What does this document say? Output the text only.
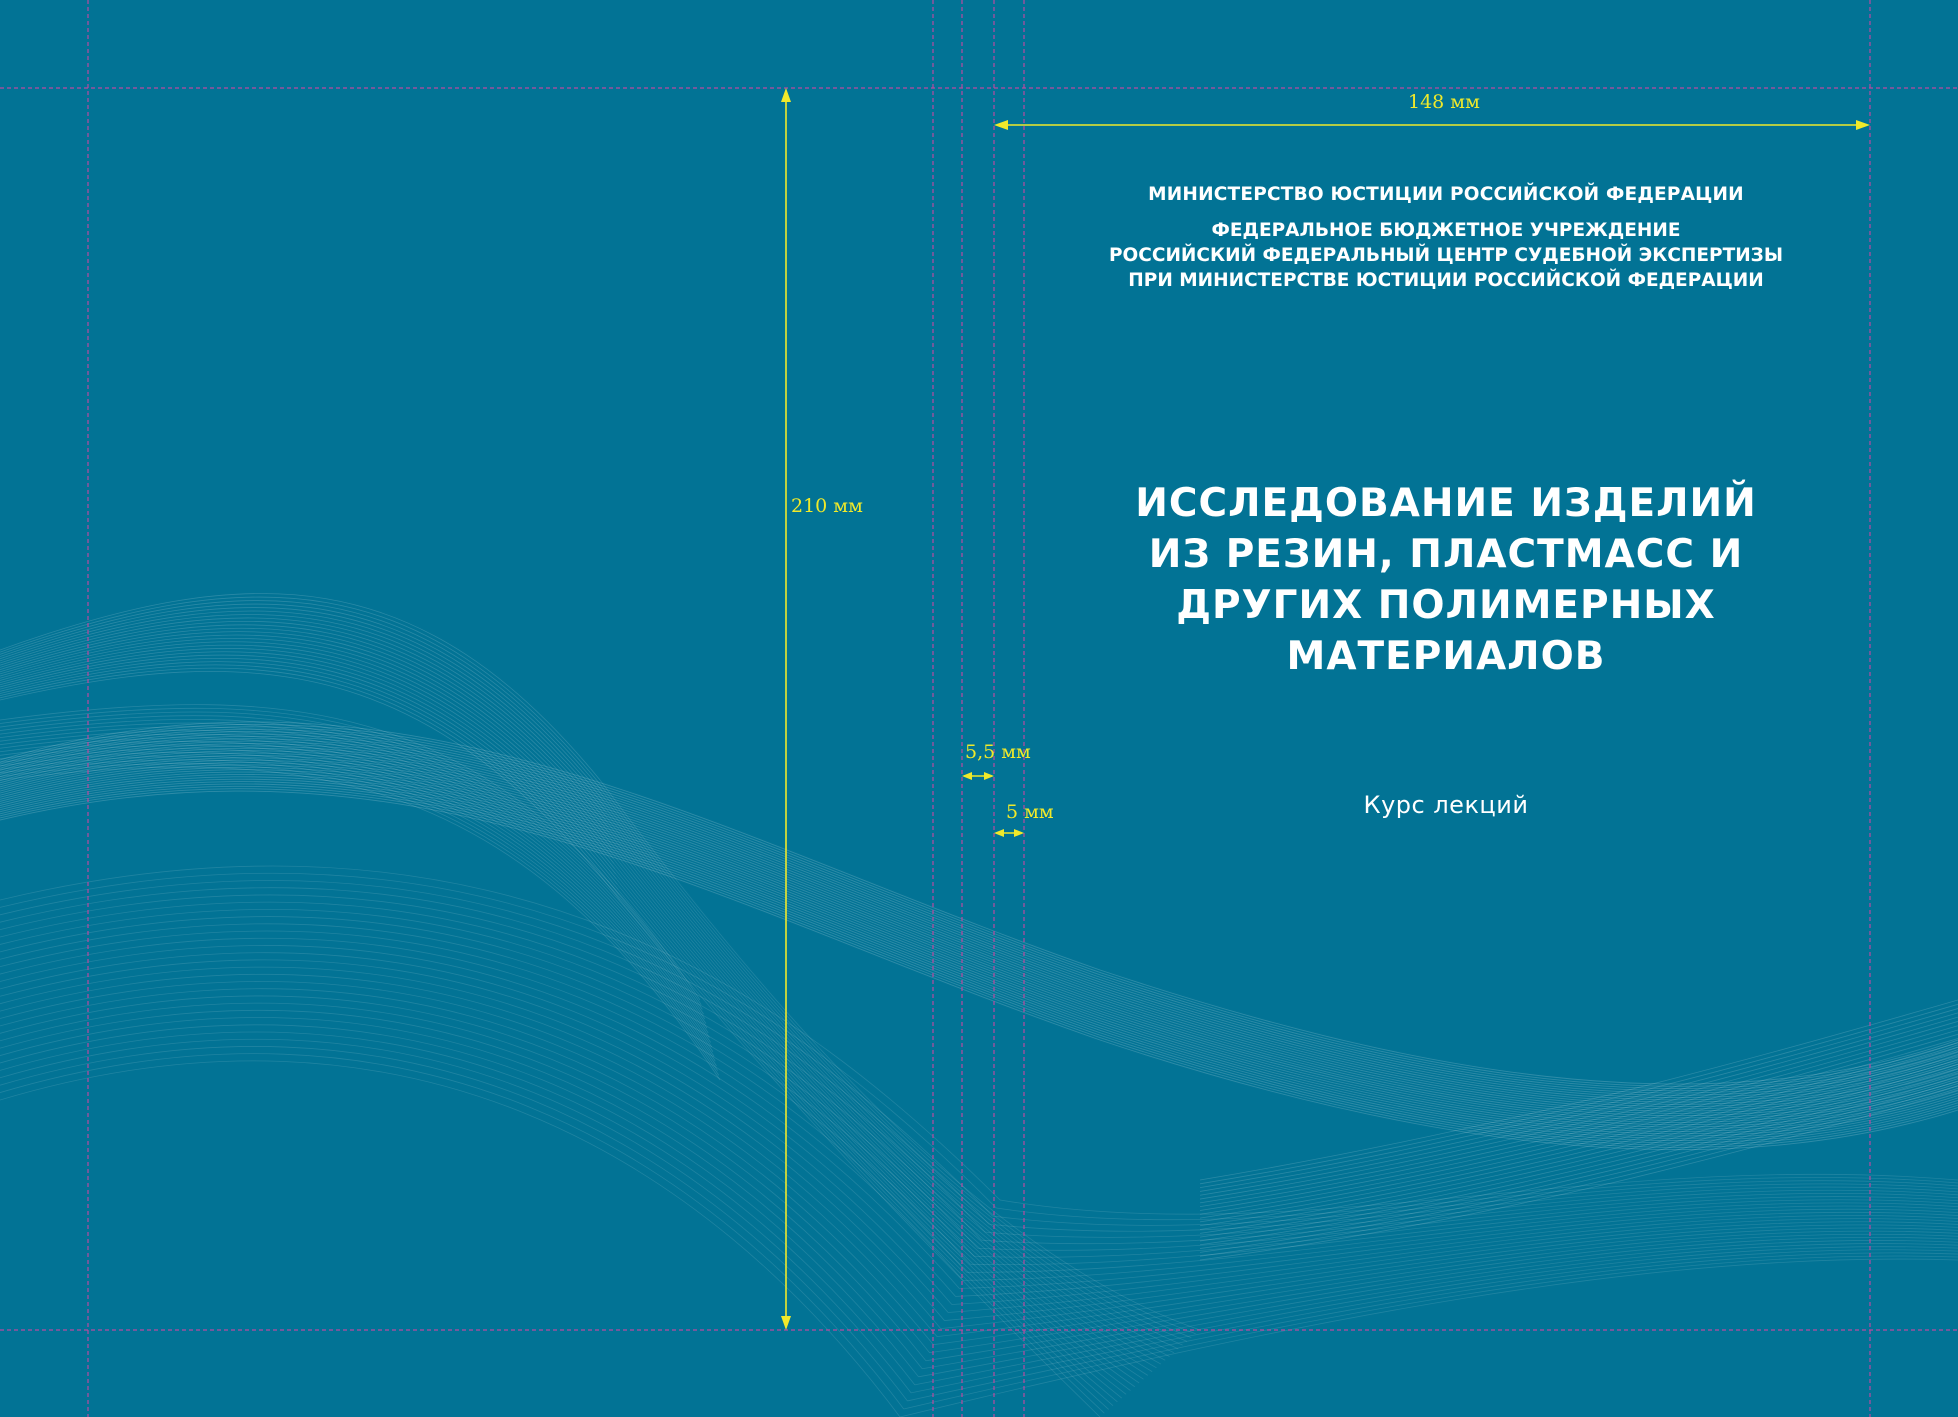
МИНИСТЕРСТВО ЮСТИЦИИ РОССИЙСКОЙ ФЕДЕРАЦИИ
ФЕДЕРАЛЬНОЕ БЮДЖЕТНОЕ УЧРЕЖДЕНИЕ
РОССИЙСКИЙ ФЕДЕРАЛЬНЫЙ ЦЕНТР СУДЕБНОЙ ЭКСПЕРТИЗЫ
ПРИ МИНИСТЕРСТВЕ ЮСТИЦИИ РОССИЙСКОЙ ФЕДЕРАЦИИ
ИССЛЕДОВАНИЕ ИЗДЕЛИЙ
ИЗ РЕЗИН, ПЛАСТМАСС И
ДРУГИХ ПОЛИМЕРНЫХ
МАТЕРИАЛОВ
Курс лекций
148 мм
210 мм
5,5 мм
5 мм
